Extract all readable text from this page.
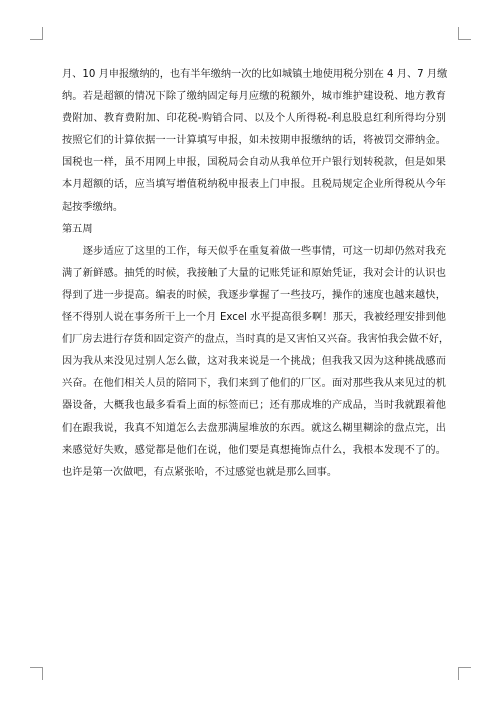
月、10 月申报缴纳的，也有半年缴纳一次的比如城镇土地使用税分别在 4 月、7 月缴
纳。若是超额的情况下除了缴纳固定每月应缴的税额外，城市维护建设税、地方教育
费附加、教育费附加、印花税-购销合同、以及个人所得税-利息股息红利所得均分别
按照它们的计算依据一一计算填写申报，如未按期申报缴纳的话，将被罚交滞纳金。
国税也一样，虽不用网上申报，国税局会自动从我单位开户银行划转税款，但是如果
本月超额的话，应当填写增值税纳税申报表上门申报。且税局规定企业所得税从今年
起按季缴纳。
第五周
　　逐步适应了这里的工作，每天似乎在重复着做一些事情，可这一切却仍然对我充
满了新鲜感。抽凭的时候，我接触了大量的记账凭证和原始凭证，我对会计的认识也
得到了进一步提高。编表的时候，我逐步掌握了一些技巧，操作的速度也越来越快，
怪不得别人说在事务所干上一个月 Excel 水平提高很多啊！那天，我被经理安排到他
们厂房去进行存货和固定资产的盘点，当时真的是又害怕又兴奋。我害怕我会做不好，
因为我从来没见过别人怎么做，这对我来说是一个挑战；但我我又因为这种挑战感而
兴奋。在他们相关人员的陪同下，我们来到了他们的厂区。面对那些我从来见过的机
器设备，大概我也最多看看上面的标签而已；还有那成堆的产成品，当时我就跟着他
们在跟我说，我真不知道怎么去盘那满屋堆放的东西。就这么糊里糊涂的盘点完，出
来感觉好失败，感觉都是他们在说，他们要是真想掩饰点什么，我根本发现不了的。
也许是第一次做吧，有点紧张哈，不过感觉也就是那么回事。
